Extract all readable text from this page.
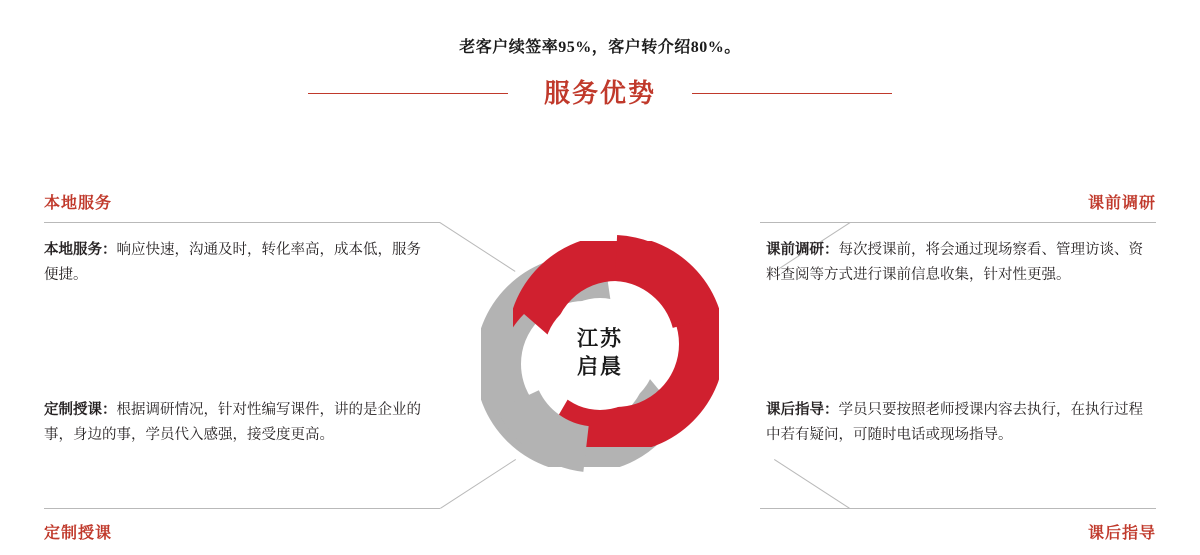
老客户续签率95%，客户转介绍80%。
服务优势
本地服务	课前调研
定制授课	课后指导
本地服务：响应快速，沟通及时，转化率高，成本低，服务便捷。
课前调研：每次授课前，将会通过现场察看、管理访谈、资料查阅等方式进行课前信息收集，针对性更强。
定制授课：根据调研情况，针对性编写课件，讲的是企业的事，身边的事，学员代入感强，接受度更高。
课后指导：学员只要按照老师授课内容去执行，在执行过程中若有疑问，可随时电话或现场指导。
江苏
启晨
